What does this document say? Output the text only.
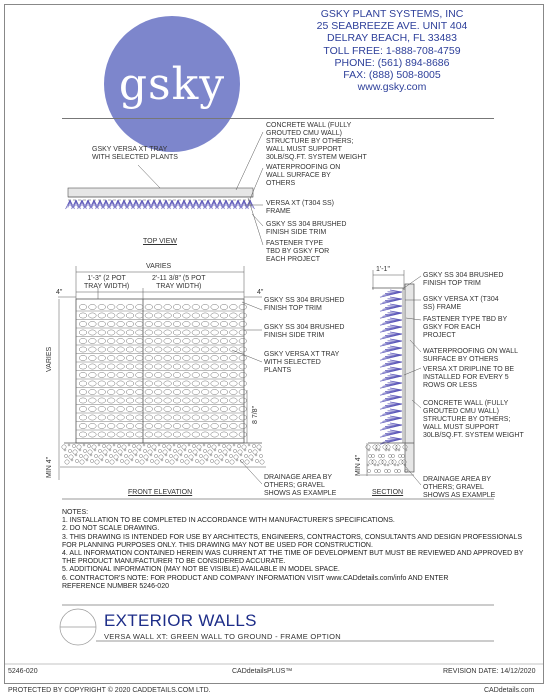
gsky
GSKY PLANT SYSTEMS, INC
25 SEABREEZE AVE. UNIT 404
DELRAY BEACH, FL 33483
TOLL FREE: 1-888-708-4759
PHONE: (561) 894-8686
FAX: (888) 508-8005
www.gsky.com
GSKY VERSA XT TRAY
WITH SELECTED PLANTS
CONCRETE WALL (FULLY
GROUTED CMU WALL)
STRUCTURE BY OTHERS;
WALL MUST SUPPORT
30LB/SQ.FT. SYSTEM WEIGHT
WATERPROOFING ON
WALL SURFACE BY
OTHERS
VERSA XT (T304 SS)
FRAME
GSKY SS 304 BRUSHED
FINISH SIDE TRIM
FASTENER TYPE
TBD BY GSKY FOR
EACH PROJECT
TOP VIEW
VARIES
1'-3" (2 POT
TRAY WIDTH)
2'-11 3/8" (5 POT
TRAY WIDTH)
4"	4"
VARIES
MIN 4"
8 7/8"
GSKY SS 304 BRUSHED
FINISH TOP TRIM
GSKY SS 304 BRUSHED
FINISH SIDE TRIM
GSKY VERSA XT TRAY
WITH SELECTED
PLANTS
DRAINAGE AREA BY
OTHERS; GRAVEL
SHOWS AS EXAMPLE
FRONT ELEVATION
1'-1"
MIN 4"
GSKY SS 304 BRUSHED
FINISH TOP TRIM
GSKY VERSA XT (T304
SS) FRAME
FASTENER TYPE TBD BY
GSKY FOR EACH
PROJECT
WATERPROOFING ON WALL
SURFACE BY OTHERS
VERSA XT DRIPLINE TO BE
INSTALLED FOR EVERY 5
ROWS OR LESS
CONCRETE WALL (FULLY
GROUTED CMU WALL)
STRUCTURE BY OTHERS;
WALL MUST SUPPORT
30LB/SQ.FT. SYSTEM WEIGHT
DRAINAGE AREA BY
OTHERS; GRAVEL
SHOWS AS EXAMPLE
SECTION
NOTES:
1. INSTALLATION TO BE COMPLETED IN ACCORDANCE WITH MANUFACTURER'S SPECIFICATIONS.
2. DO NOT SCALE DRAWING.
3. THIS DRAWING IS INTENDED FOR USE BY ARCHITECTS, ENGINEERS, CONTRACTORS, CONSULTANTS AND DESIGN PROFESSIONALS
FOR PLANNING PURPOSES ONLY. THIS DRAWING MAY NOT BE USED FOR CONSTRUCTION.
4. ALL INFORMATION CONTAINED HEREIN WAS CURRENT AT THE TIME OF DEVELOPMENT BUT MUST BE REVIEWED AND APPROVED BY
THE PRODUCT MANUFACTURER TO BE CONSIDERED ACCURATE.
5. ADDITIONAL INFORMATION (MAY NOT BE VISIBLE) AVAILABLE IN MODEL SPACE.
6. CONTRACTOR'S NOTE: FOR PRODUCT AND COMPANY INFORMATION VISIT www.CADdetails.com/info AND ENTER
REFERENCE NUMBER 5246-020
EXTERIOR WALLS
VERSA WALL XT: GREEN WALL TO GROUND - FRAME OPTION
5246-020	CADdetailsPLUS™	REVISION DATE: 14/12/2020
PROTECTED BY COPYRIGHT © 2020 CADDETAILS.COM LTD.	CADdetails.com
